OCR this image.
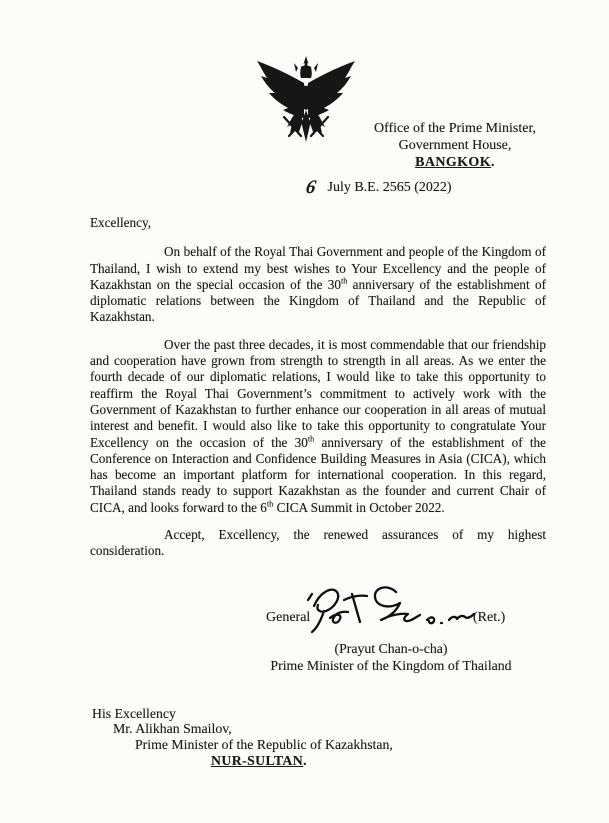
Office of the Prime Minister,
Government House,
BANGKOK.
6 July B.E. 2565 (2022)

Excellency,

On behalf of the Royal Thai Government and people of the Kingdom of Thailand, I wish to extend my best wishes to Your Excellency and the people of Kazakhstan on the special occasion of the 30th anniversary of the establishment of diplomatic relations between the Kingdom of Thailand and the Republic of Kazakhstan.

Over the past three decades, it is most commendable that our friendship and cooperation have grown from strength to strength in all areas. As we enter the fourth decade of our diplomatic relations, I would like to take this opportunity to reaffirm the Royal Thai Government’s commitment to actively work with the Government of Kazakhstan to further enhance our cooperation in all areas of mutual interest and benefit. I would also like to take this opportunity to congratulate Your Excellency on the occasion of the 30th anniversary of the establishment of the Conference on Interaction and Confidence Building Measures in Asia (CICA), which has become an important platform for international cooperation. In this regard, Thailand stands ready to support Kazakhstan as the founder and current Chair of CICA, and looks forward to the 6th CICA Summit in October 2022.

Accept, Excellency, the renewed assurances of my highest consideration.

General	(Ret.)
(Prayut Chan-o-cha)
Prime Minister of the Kingdom of Thailand
His Excellency
Mr. Alikhan Smailov,
Prime Minister of the Republic of Kazakhstan,
NUR-SULTAN.
